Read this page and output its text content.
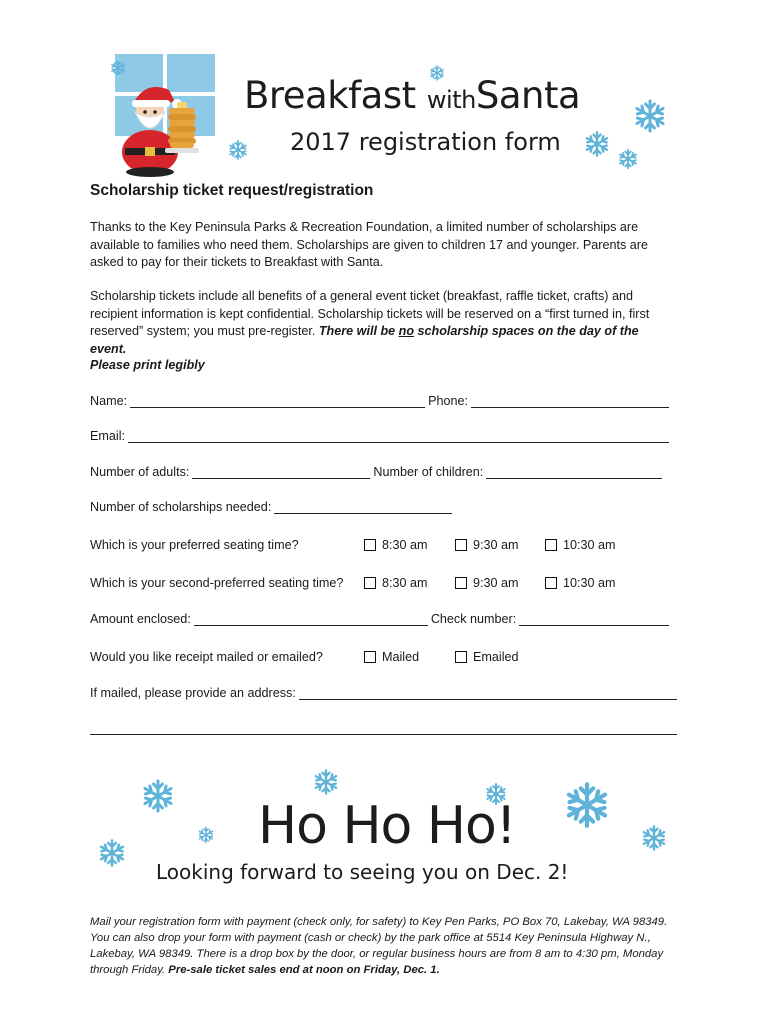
Breakfast withSanta
2017 registration form
Scholarship ticket request/registration

Thanks to the Key Peninsula Parks & Recreation Foundation, a limited number of scholarships are available to families who need them. Scholarships are given to children 17 and younger. Parents are asked to pay for their tickets to Breakfast with Santa.

Scholarship tickets include all benefits of a general event ticket (breakfast, raffle ticket, crafts) and recipient information is kept confidential. Scholarship tickets will be reserved on a “first turned in, first reserved” system; you must pre-register. There will be no scholarship spaces on the day of the event.

Please print legibly
Name:	Phone:
Email:
Number of adults:	Number of children:
Number of scholarships needed:
Which is your preferred seating time?	8:30 am	9:30 am	10:30 am
Which is your second-preferred seating time?	8:30 am	9:30 am	10:30 am
Amount enclosed:	Check number:
Would you like receipt mailed or emailed?	Mailed	Emailed
If mailed, please provide an address:
Ho Ho Ho!
Looking forward to seeing you on Dec. 2!

Mail your registration form with payment (check only, for safety) to Key Pen Parks, PO Box 70, Lakebay, WA 98349. You can also drop your form with payment (cash or check) by the park office at 5514 Key Peninsula Highway N., Lakebay, WA 98349. There is a drop box by the door, or regular business hours are from 8 am to 4:30 pm, Monday through Friday. Pre-sale ticket sales end at noon on Friday, Dec. 1.
